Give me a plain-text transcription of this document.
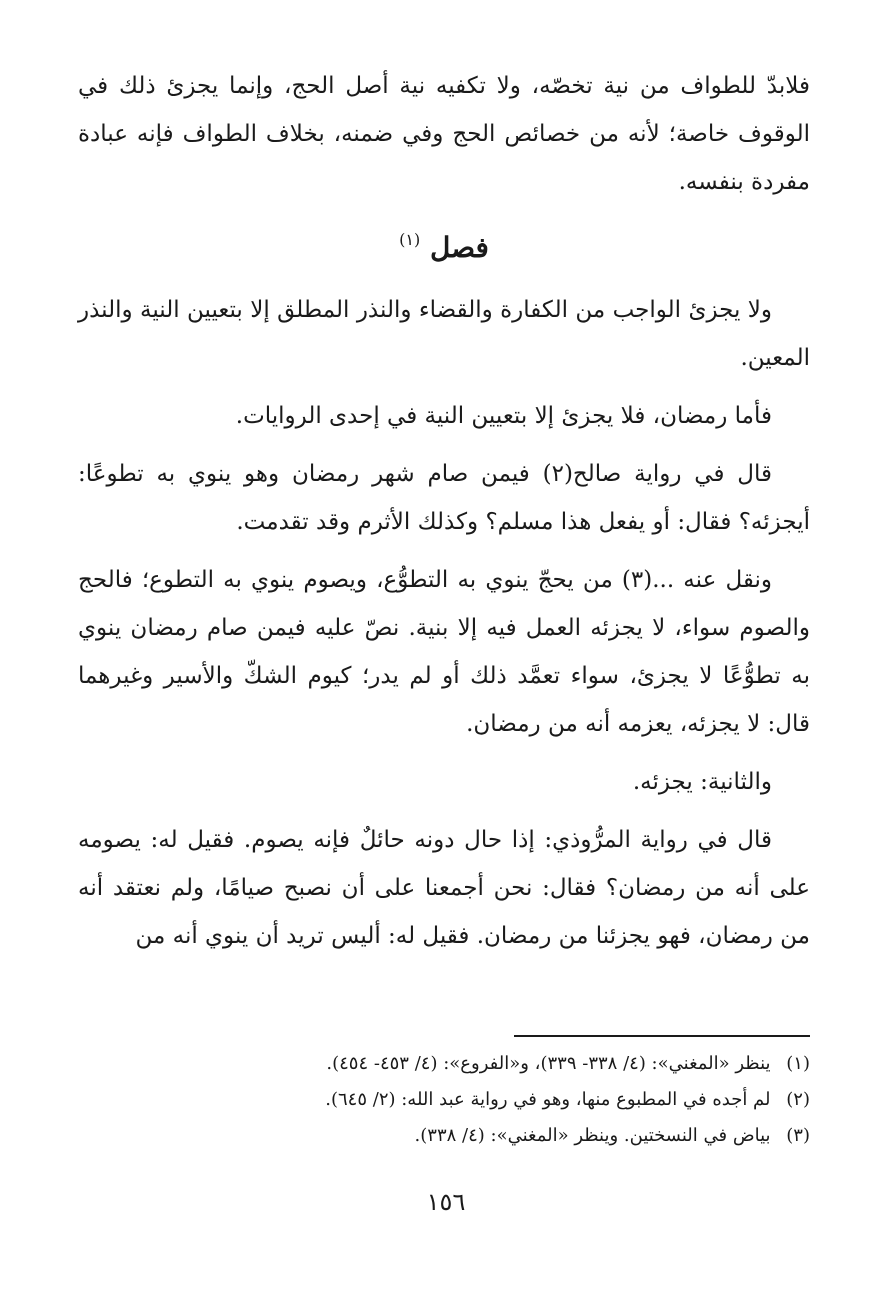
فلابدّ للطواف من نية تخصّه، ولا تكفيه نية أصل الحج، وإنما يجزئ ذلك في الوقوف خاصة؛ لأنه من خصائص الحج وفي ضمنه، بخلاف الطواف فإنه عبادة مفردة بنفسه.

فصل $^{(١)}$

ولا يجزئ الواجب من الكفارة والقضاء والنذر المطلق إلا بتعيين النية والنذر المعين.

فأما رمضان، فلا يجزئ إلا بتعيين النية في إحدى الروايات.

قال في رواية صالح(٢) فيمن صام شهر رمضان وهو ينوي به تطوعًا: أيجزئه؟ فقال: أو يفعل هذا مسلم؟ وكذلك الأثرم وقد تقدمت.

ونقل عنه ...(٣) من يحجّ ينوي به التطوُّع، ويصوم ينوي به التطوع؛ فالحج والصوم سواء، لا يجزئه العمل فيه إلا بنية. نصّ عليه فيمن صام رمضان ينوي به تطوُّعًا لا يجزئ، سواء تعمَّد ذلك أو لم يدر؛ كيوم الشكّ والأسير وغيرهما قال: لا يجزئه، يعزمه أنه من رمضان.

والثانية: يجزئه.

قال في رواية المرُّوذي: إذا حال دونه حائلٌ فإنه يصوم. فقيل له: يصومه على أنه من رمضان؟ فقال: نحن أجمعنا على أن نصبح صيامًا، ولم نعتقد أنه من رمضان، فهو يجزئنا من رمضان. فقيل له: أليس تريد أن ينوي أنه من

(١) ينظر «المغني»: (٤/ ٣٣٨- ٣٣٩)، و«الفروع»: (٤/ ٤٥٣- ٤٥٤).

(٢) لم أجده في المطبوع منها، وهو في رواية عبد الله: (٢/ ٦٤٥).

(٣) بياض في النسختين. وينظر «المغني»: (٤/ ٣٣٨).

١٥٦
